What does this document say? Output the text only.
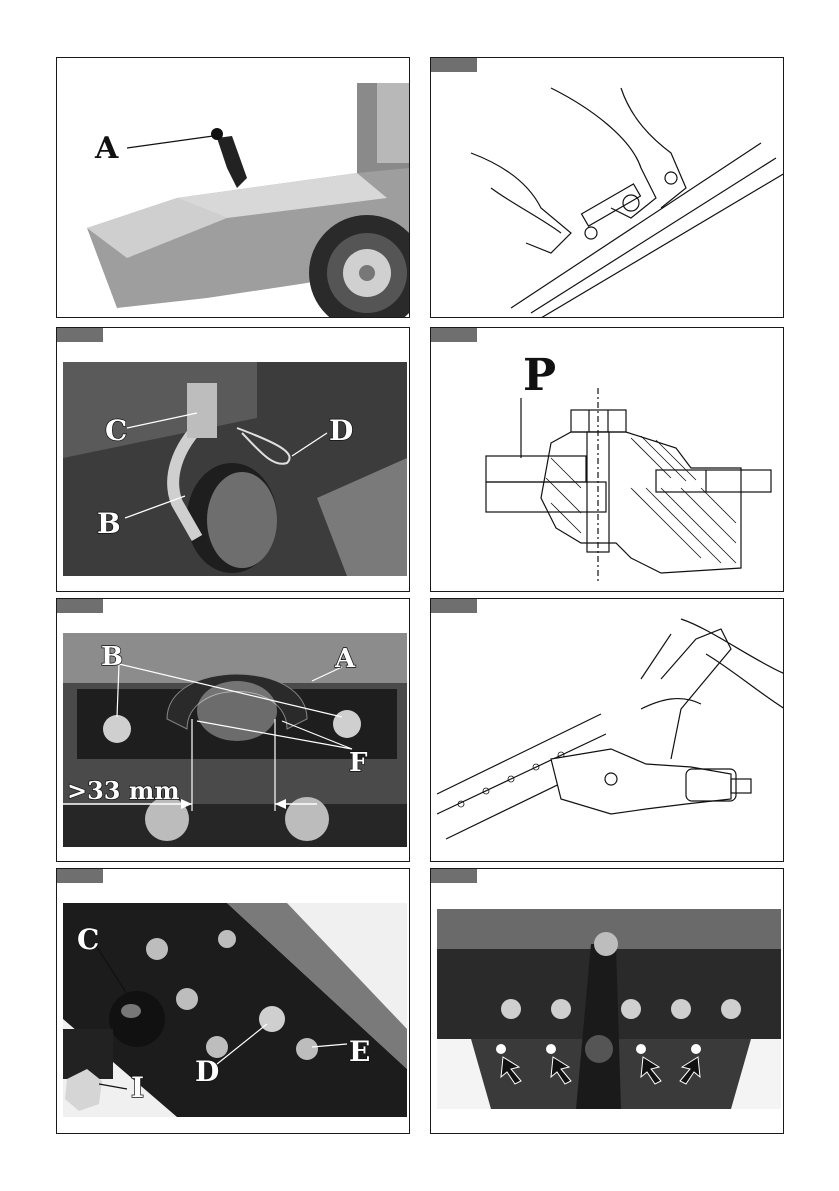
A
C	D
B
P
B	A
F
>33 mm
C
D
E
I
